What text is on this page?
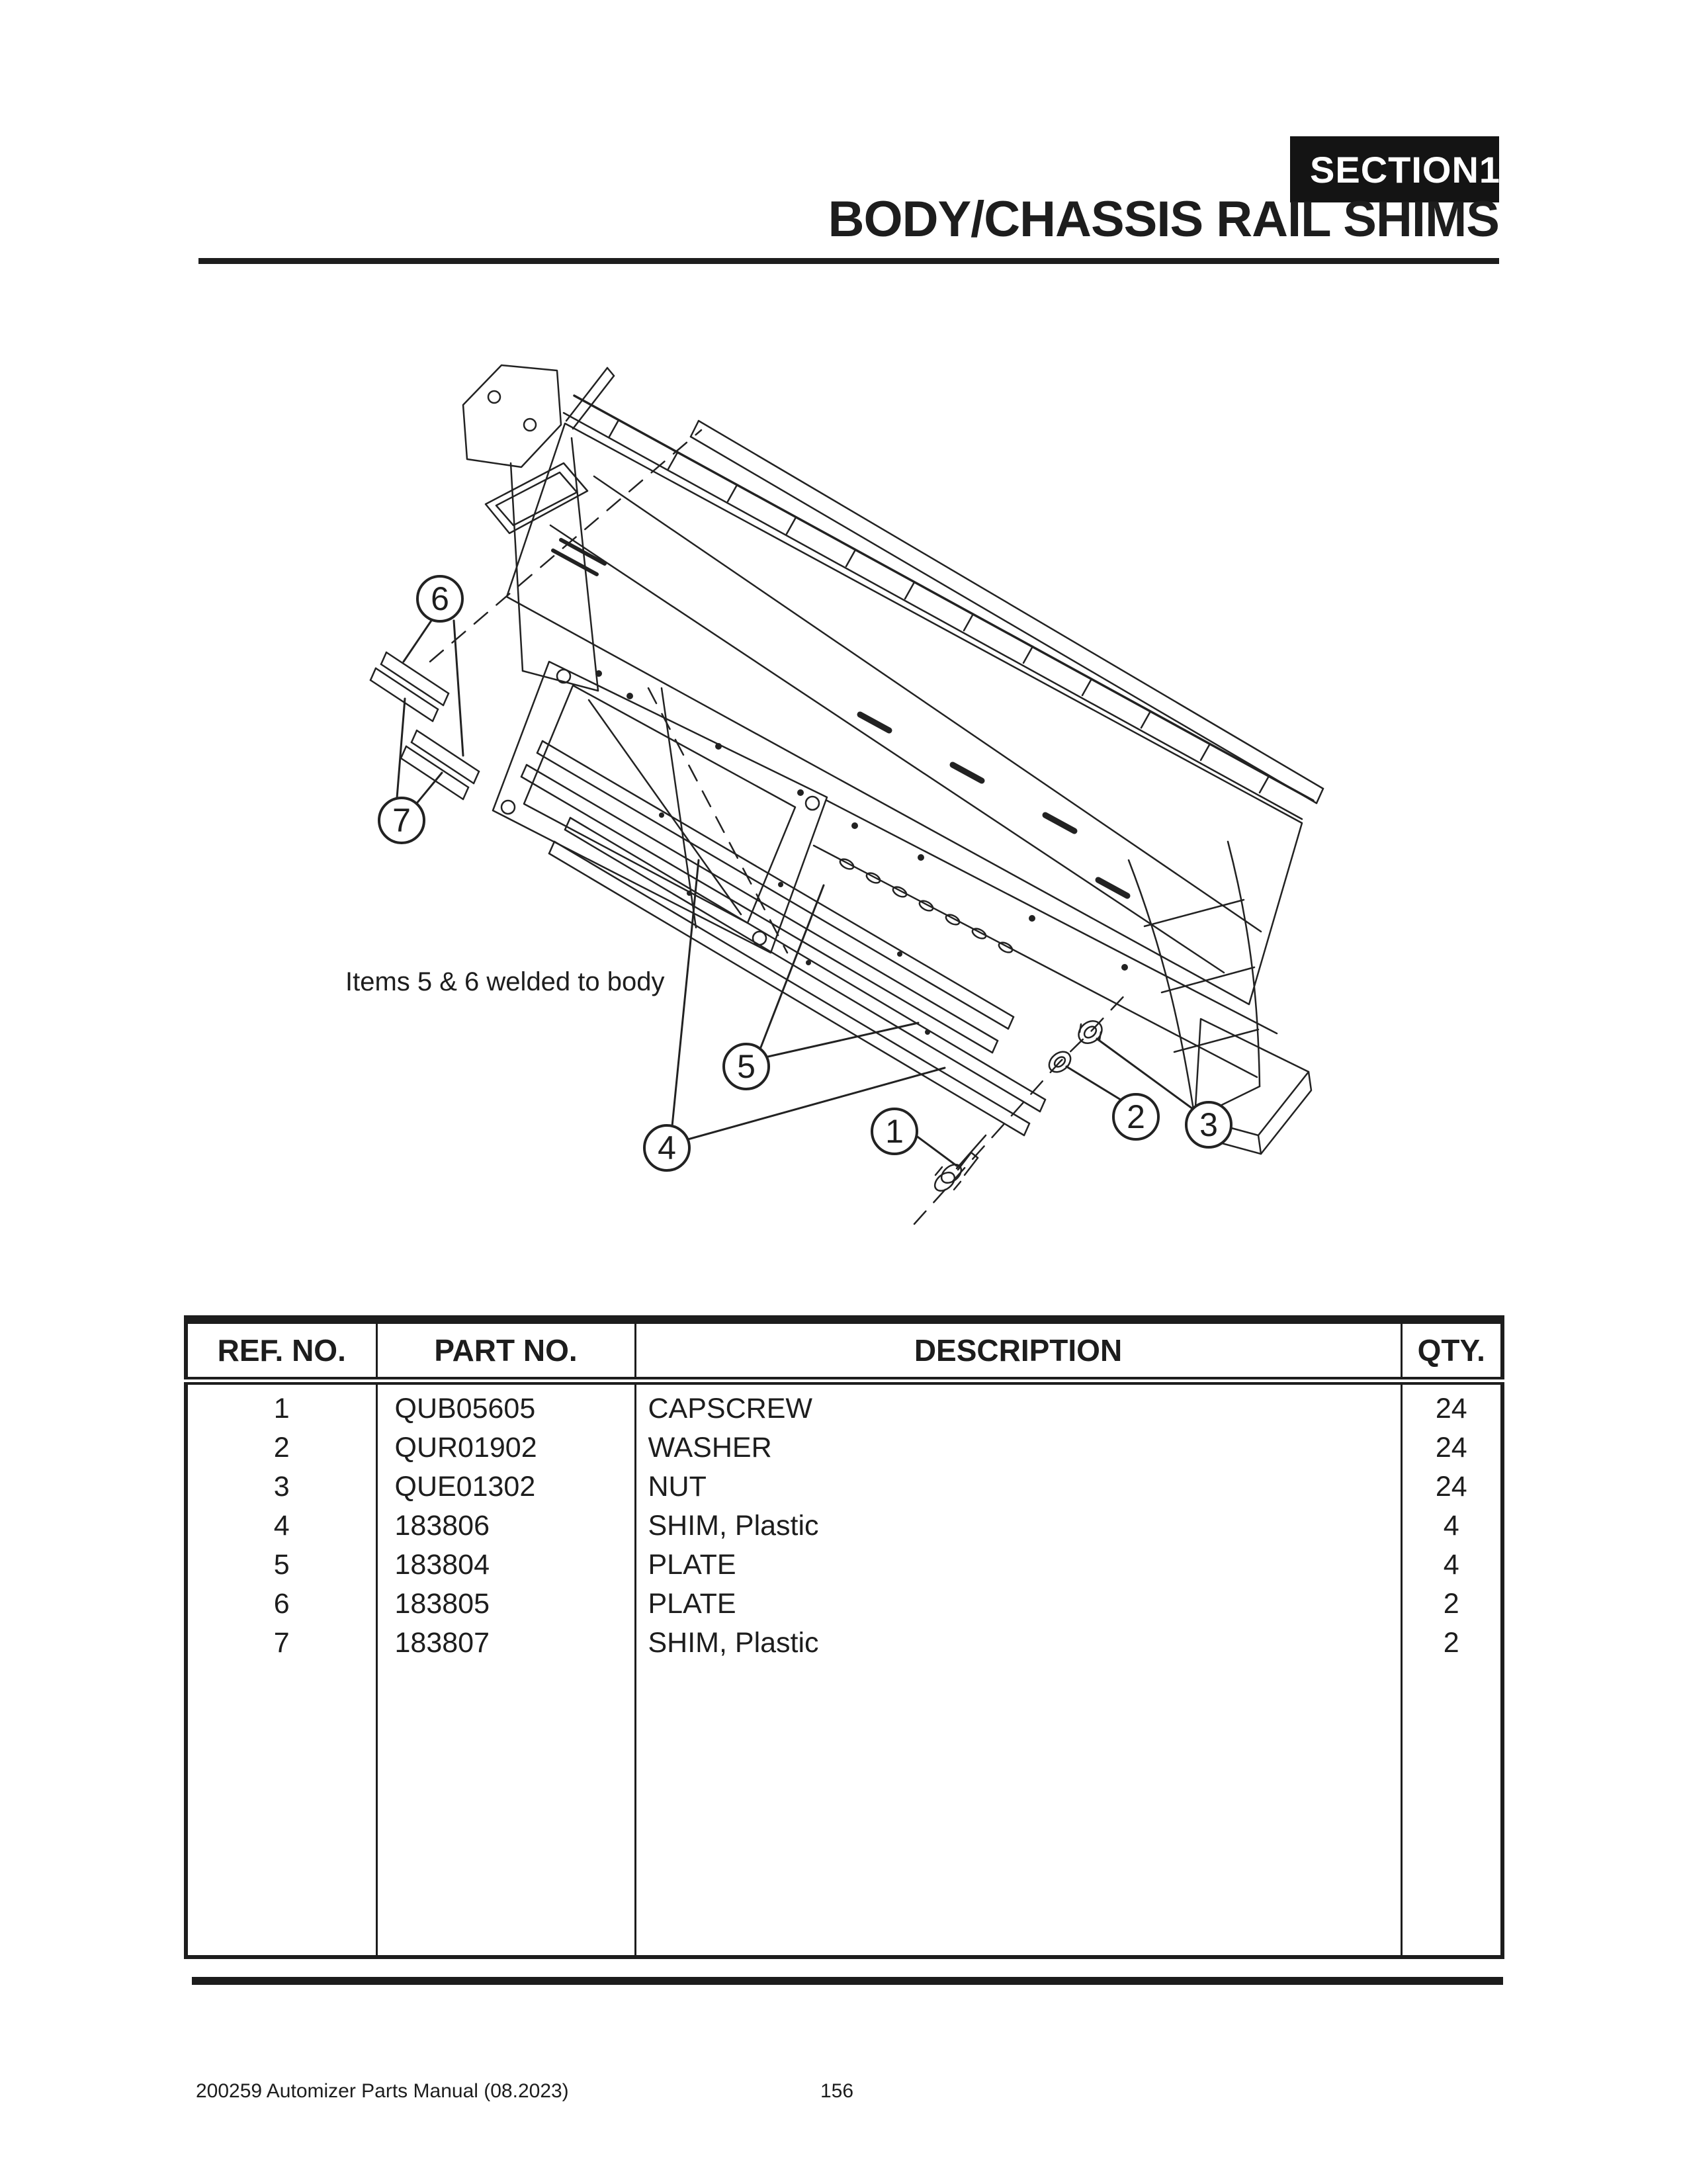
SECTION 1
BODY/CHASSIS RAIL SHIMS
1	2 3
4
5
6
7
Items 5 & 6 welded to body
REF. NO.	PART NO.	DESCRIPTION	QTY.
1	QUB05605	CAPSCREW	24
2	QUR01902	WASHER	24
3	QUE01302	NUT	24
4	183806	SHIM, Plastic	4
5	183804	PLATE	4
6	183805	PLATE	2
7	183807	SHIM, Plastic	2

200259 Automizer Parts Manual (08.2023)	156
